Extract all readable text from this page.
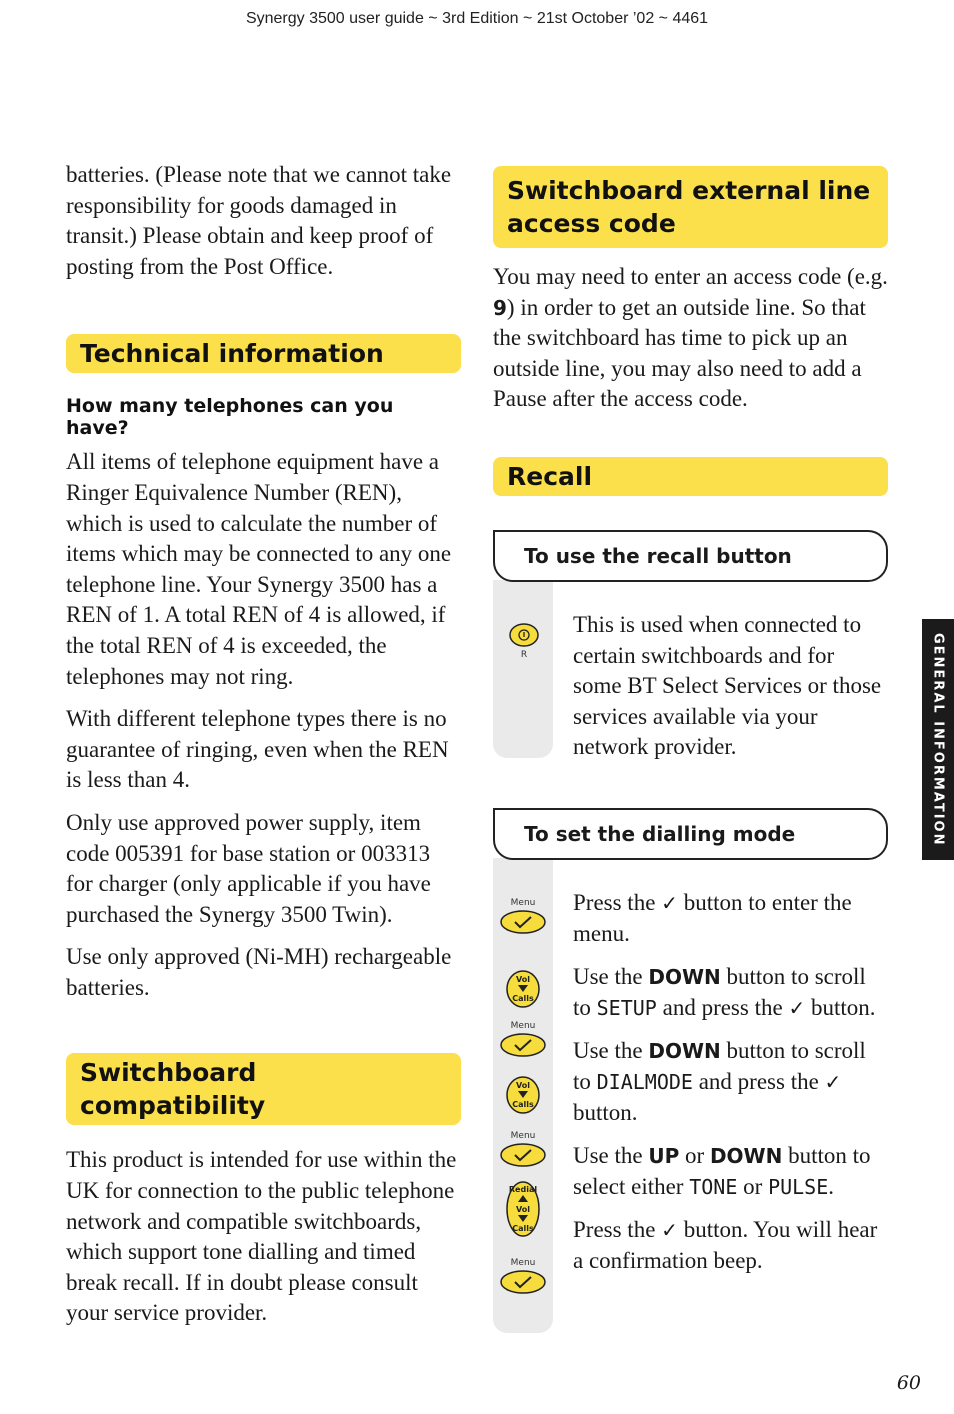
Synergy 3500 user guide ~ 3rd Edition ~ 21st October ’02 ~ 4461

batteries. (Please note that we cannot take responsibility for goods damaged in transit.) Please obtain and keep proof of posting from the Post Office.

Technical information
How many telephones can you have?

All items of telephone equipment have a Ringer Equivalence Number (REN), which is used to calculate the number of items which may be connected to any one telephone line. Your Synergy 3500 has a REN of 1. A total REN of 4 is allowed, if the total REN of 4 is exceeded, the telephones may not ring.

With different telephone types there is no guarantee of ringing, even when the REN is less than 4.

Only use approved power supply, item code 005391 for base station or 003313 for charger (only applicable if you have purchased the Synergy 3500 Twin).

Use only approved (Ni-MH) rechargeable batteries.

Switchboard compatibility

This product is intended for use within the UK for connection to the public telephone network and compatible switchboards, which support tone dialling and timed break recall. If in doubt please consult your service provider.

Switchboard external line access code

You may need to enter an access code (e.g. 9) in order to get an outside line. So that the switchboard has time to pick up an outside line, you may also need to add a Pause after the access code.

Recall
To use the recall button
R
This is used when connected to certain switchboards and for some BT Select Services or those services available via your network provider.
To set the dialling mode
Menu
Vol
Calls
Menu
Vol
Calls
Menu
Redial
Vol
Calls
Menu

Press the ✓ button to enter the menu.

Use the DOWN button to scroll to SETUP and press the ✓ button.

Use the DOWN button to scroll to DIALMODE and press the ✓ button.

Use the UP or DOWN button to select either TONE or PULSE.

Press the ✓ button. You will hear a confirmation beep.

GENERAL INFORMATION
60
